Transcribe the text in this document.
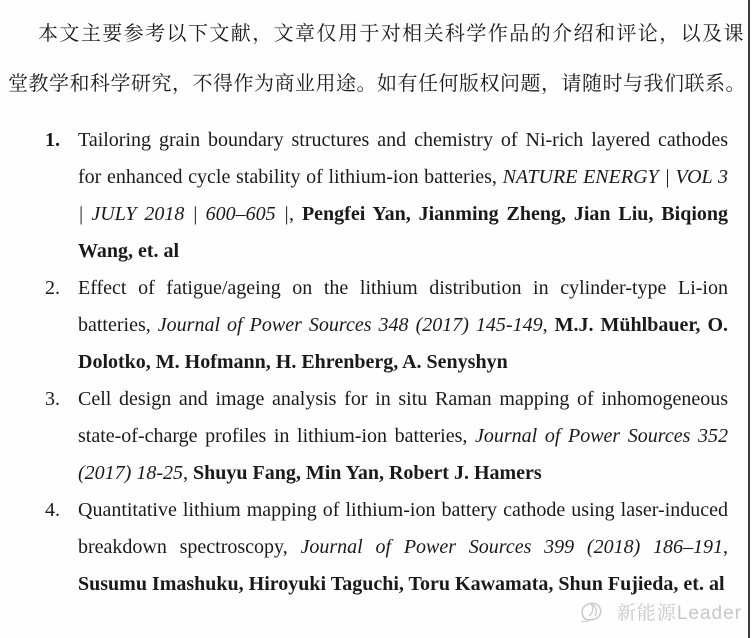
本文主要参考以下文献，文章仅用于对相关科学作品的介绍和评论，以及课
堂教学和科学研究，不得作为商业用途。如有任何版权问题，请随时与我们联系。
1. Tailoring grain boundary structures and chemistry of Ni-rich layered cathodes for enhanced cycle stability of lithium-ion batteries, NATURE ENERGY | VOL 3 | JULY 2018 | 600–605 |, Pengfei Yan, Jianming Zheng, Jian Liu, Biqiong Wang, et. al
2. Effect of fatigue/ageing on the lithium distribution in cylinder-type Li-ion batteries, Journal of Power Sources 348 (2017) 145-149, M.J. Mühlbauer, O. Dolotko, M. Hofmann, H. Ehrenberg, A. Senyshyn
3. Cell design and image analysis for in situ Raman mapping of inhomogeneous state-of-charge profiles in lithium-ion batteries, Journal of Power Sources 352 (2017) 18-25, Shuyu Fang, Min Yan, Robert J. Hamers
4. Quantitative lithium mapping of lithium-ion battery cathode using laser-induced breakdown spectroscopy, Journal of Power Sources 399 (2018) 186–191, Susumu Imashuku, Hiroyuki Taguchi, Toru Kawamata, Shun Fujieda, et. al
新能源Leader
